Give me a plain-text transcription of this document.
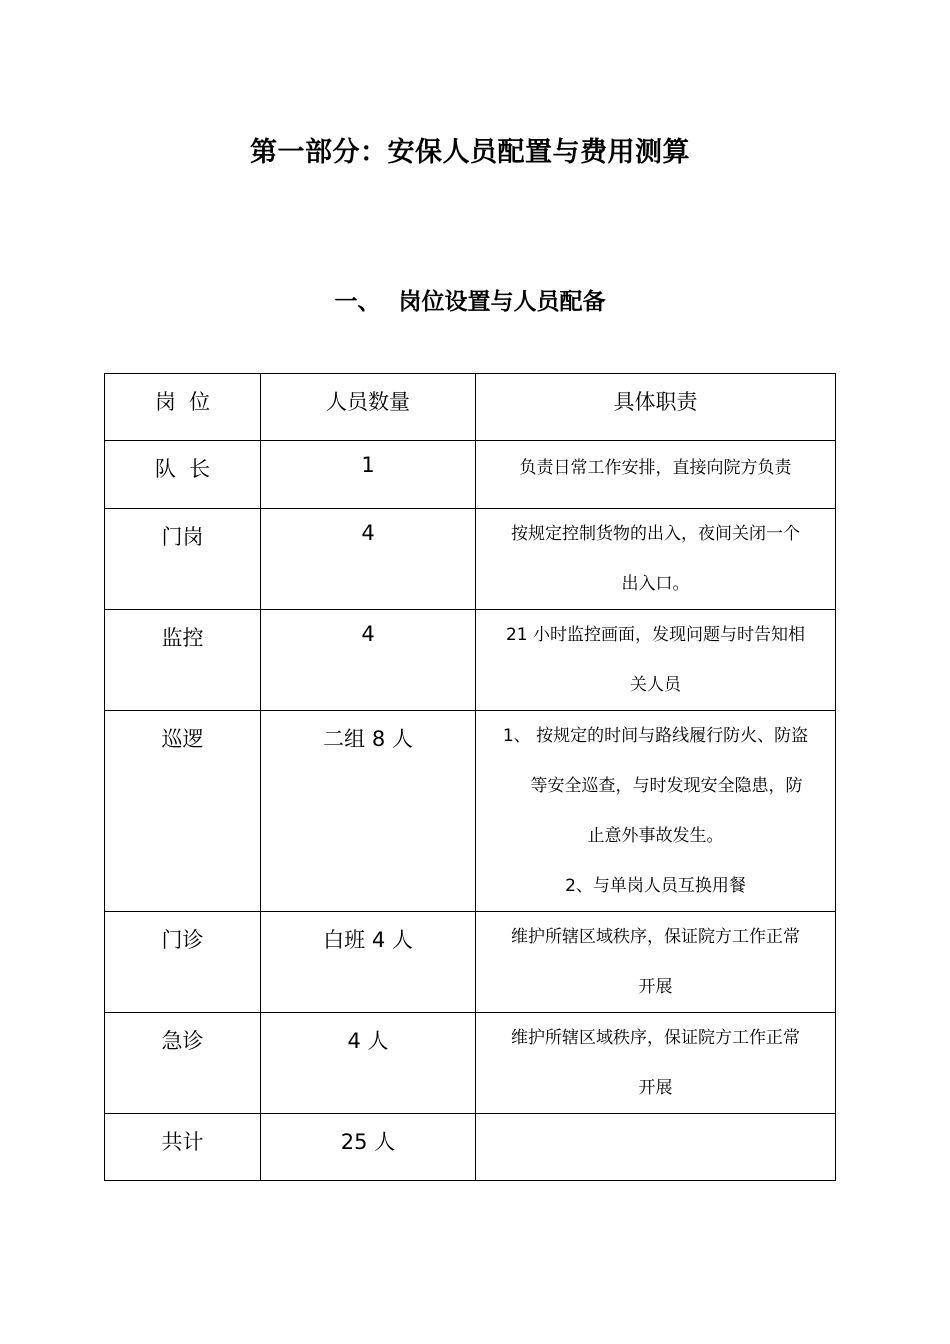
第一部分：安保人员配置与费用测算
一、 岗位设置与人员配备
岗  位	人员数量	具体职责
队  长	1	负责日常工作安排，直接向院方负责
门岗	4	按规定控制货物的出入，夜间关闭一个
出入口。

监控	4	21 小时监控画面，发现问题与时告知相
关人员

巡逻	二组 8 人	1、 按规定的时间与路线履行防火、防盗
等安全巡查，与时发现安全隐患，防
止意外事故发生。
2、与单岗人员互换用餐

门诊	白班 4 人	维护所辖区域秩序，保证院方工作正常
开展

急诊	4 人	维护所辖区域秩序，保证院方工作正常
开展

共计	25 人	
